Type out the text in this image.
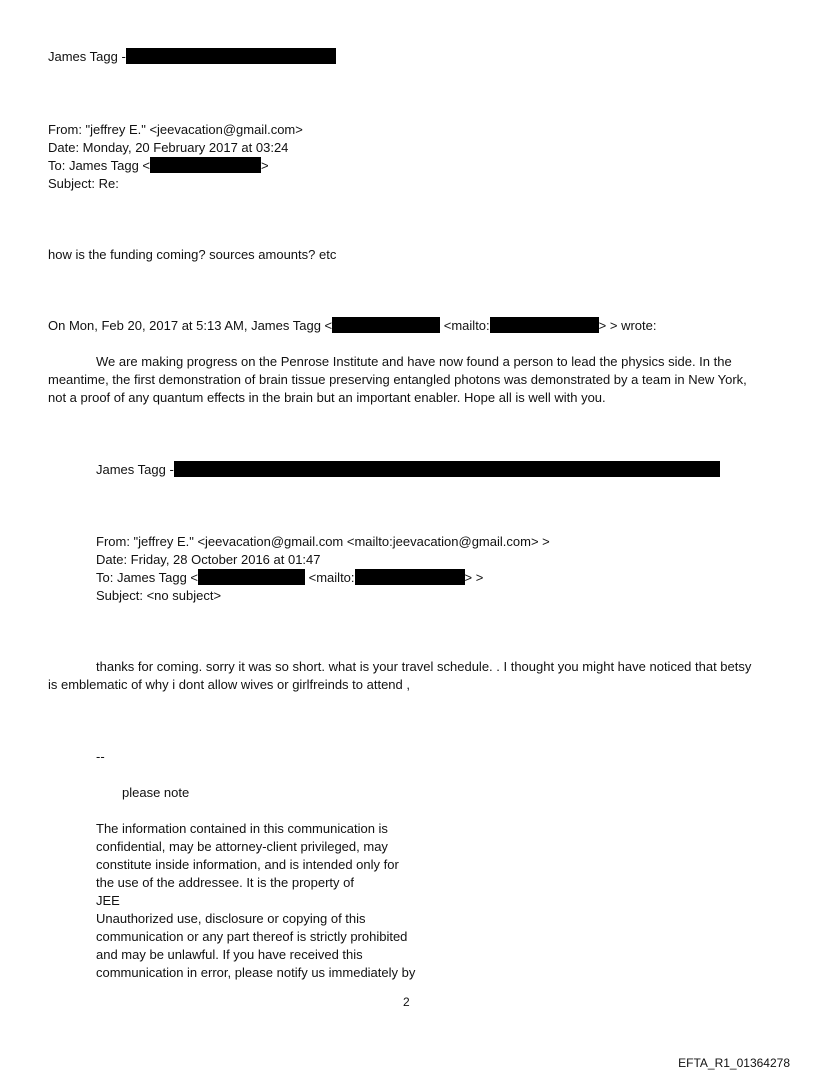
James Tagg -
From: "jeffrey E." <jeevacation@gmail.com>
Date: Monday, 20 February 2017 at 03:24
To: James Tagg <	>
Subject: Re:
how is the funding coming? sources amounts? etc
On Mon, Feb 20, 2017 at 5:13 AM, James Tagg <	<mailto:	> > wrote:
We are making progress on the Penrose Institute and have now found a person to lead the physics side. In the meantime, the first demonstration of brain tissue preserving entangled photons was demonstrated by a team in New York, not a proof of any quantum effects in the brain but an important enabler. Hope all is well with you.
James Tagg -
From: "jeffrey E." <jeevacation@gmail.com <mailto:jeevacation@gmail.com> >
Date: Friday, 28 October 2016 at 01:47
To: James Tagg <	<mailto:	> >
Subject: <no subject>
thanks for coming. sorry it was so short. what is your travel schedule. . I thought you might have noticed that betsy is emblematic of why i dont allow wives or girlfreinds to attend ,
--
please note
The information contained in this communication is
confidential, may be attorney-client privileged, may
constitute inside information, and is intended only for
the use of the addressee. It is the property of
JEE
Unauthorized use, disclosure or copying of this
communication or any part thereof is strictly prohibited
and may be unlawful. If you have received this
communication in error, please notify us immediately by
2
EFTA_R1_01364278
